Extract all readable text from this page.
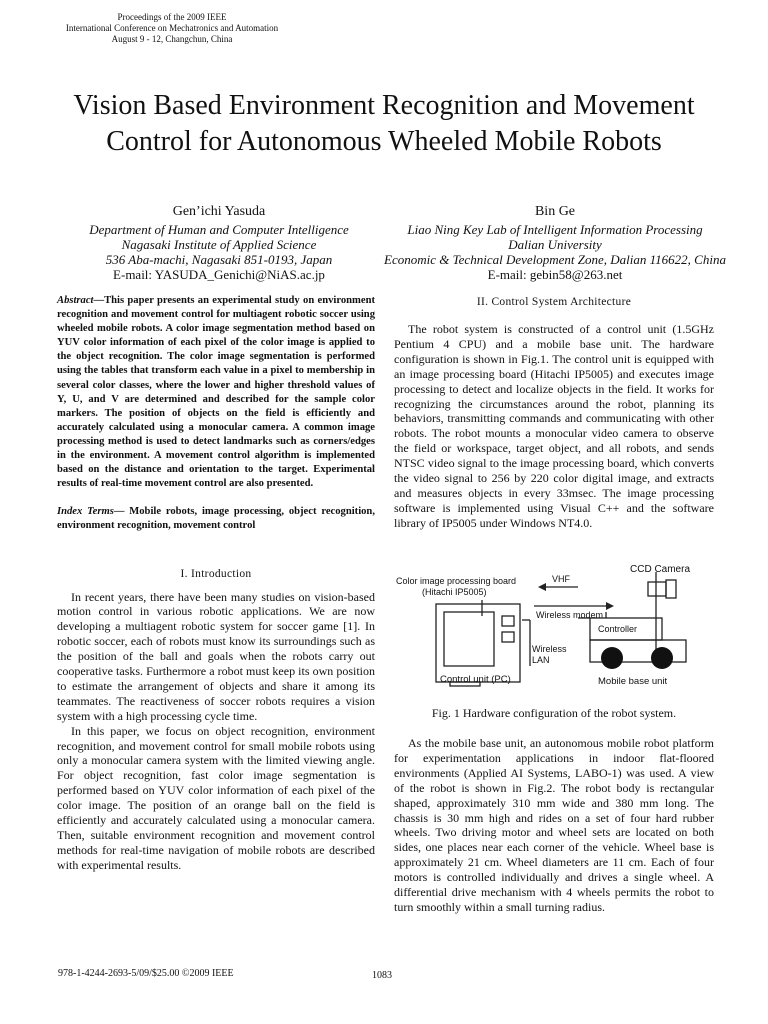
Proceedings of the 2009 IEEE
International Conference on Mechatronics and Automation
August 9 - 12, Changchun, China
Vision Based Environment Recognition and Movement Control for Autonomous Wheeled Mobile Robots
Gen’ichi Yasuda
Department of Human and Computer Intelligence
Nagasaki Institute of Applied Science
536 Aba-machi, Nagasaki 851-0193, Japan
E-mail: YASUDA_Genichi@NiAS.ac.jp
Bin Ge
Liao Ning Key Lab of Intelligent Information Processing
Dalian University
Economic & Technical Development Zone, Dalian 116622, China
E-mail: gebin58@263.net
Abstract—This paper presents an experimental study on environment recognition and movement control for multiagent robotic soccer using wheeled mobile robots. A color image segmentation method based on YUV color information of each pixel of the color image is applied to the object recognition. The color image segmentation is performed using the tables that transform each value in a pixel to membership in several color classes, where the lower and higher threshold values of Y, U, and V are determined and described for the sample color markers. The position of objects on the field is efficiently and accurately calculated using a monocular camera. A common image processing method is used to detect landmarks such as corners/edges in the environment. A movement control algorithm is implemented based on the distance and orientation to the target. Experimental results of real-time movement control are also presented.
Index Terms— Mobile robots, image processing, object recognition, environment recognition, movement control
I. Introduction

In recent years, there have been many studies on vision-based motion control in various robotic applications. We are now developing a multiagent robotic system for soccer game [1]. In robotic soccer, each of robots must know its surroundings such as the position of the ball and goals when the robots carry out cooperative tasks. Furthermore a robot must keep its own position to estimate the arrangement of objects and share it among its teammates. The reactiveness of soccer robots requires a vision system with a high processing cycle time.

In this paper, we focus on object recognition, environment recognition, and movement control for small mobile robots using only a monocular camera system with the limited viewing angle. For object recognition, fast color image segmentation is performed based on YUV color information of each pixel of the color image. The position of an orange ball on the field is efficiently and accurately calculated using a monocular camera. Then, suitable environment recognition and movement control methods for real-time navigation of mobile robots are described with experimental results.

II. Control System Architecture

The robot system is constructed of a control unit (1.5GHz Pentium 4 CPU) and a mobile base unit. The hardware configuration is shown in Fig.1. The control unit is equipped with an image processing board (Hitachi IP5005) and executes image processing to detect and localize objects in the field. It works for recognizing the circumstances around the robot, planning its behaviors, transmitting commands and communicating with other robots. The robot mounts a monocular video camera to observe the field or workspace, target object, and all robots, and sends NTSC video signal to the image processing board, which converts the video signal to 256 by 220 color digital image, and extracts and measures objects in every 33msec. The image processing software is implemented using Visual C++ and the software library of IP5005 under Windows NT4.0.

CCD Camera
Color image processing board
(Hitachi IP5005)
VHF
Wireless modem
Controller
Wireless
LAN
Control unit (PC)	Mobile base unit
Fig. 1 Hardware configuration of the robot system.

As the mobile base unit, an autonomous mobile robot platform for experimentation applications in indoor flat-floored environments (Applied AI Systems, LABO-1) was used. A view of the robot is shown in Fig.2. The robot body is rectangular shaped, approximately 310 mm wide and 380 mm long. The chassis is 30 mm high and rides on a set of four hard rubber wheels. Two driving motor and wheel sets are located on both sides, one places near each corner of the vehicle. Wheel base is approximately 21 cm. Wheel diameters are 11 cm. Each of four motors is controlled individually and drives a single wheel. A differential drive mechanism with 4 wheels permits the robot to turn smoothly within a small turning radius.

978-1-4244-2693-5/09/$25.00 ©2009 IEEE	1083
